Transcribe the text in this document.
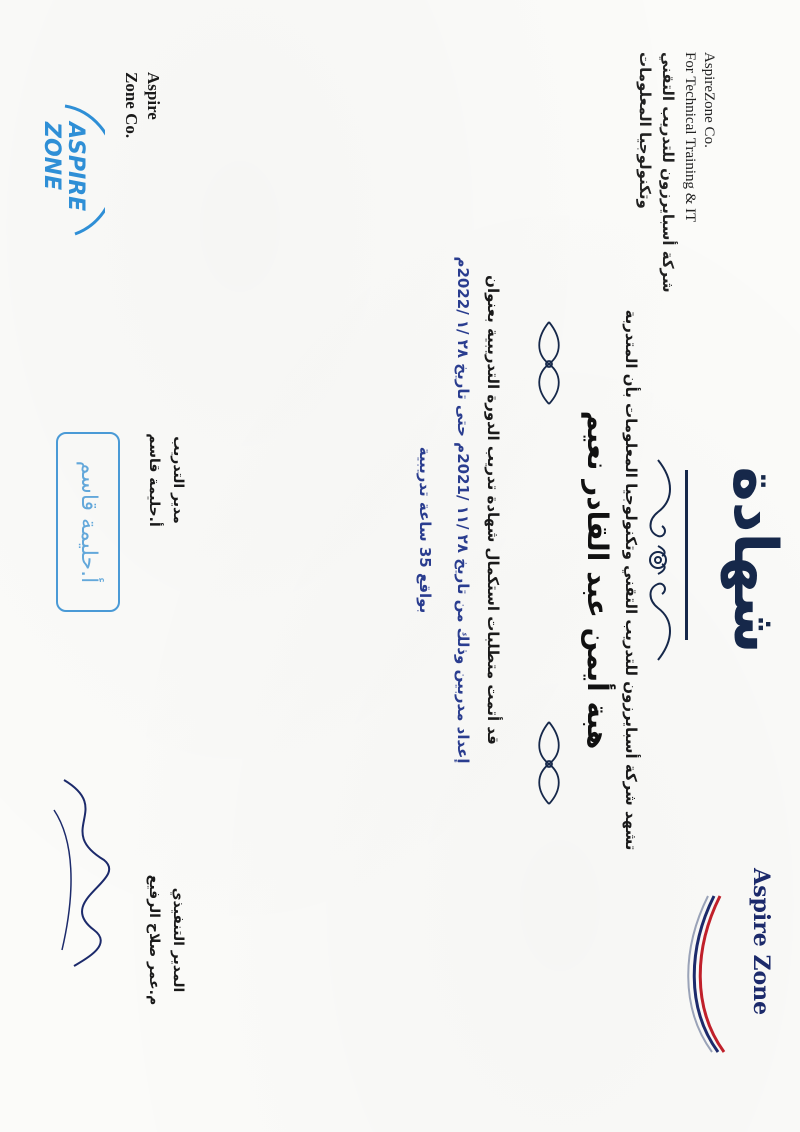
AspireZone Co.
For Technical Training & IT
شركة أسبايرزون للتدريب التقني
وتكنولوجيا المعلومات
Aspire Zone
شهادة
تشهد شركة أسبايرزون للتدريب التقني وتكنولوجيا المعلومات بأن المتدربة
هبة أيمن عبد القادر نعيم
قد أتمت متطلبات استكمال شهادة تدريب الدورة التدريبية بعنوان
إعداد مدربين وذلك من تاريخ ٢٨ /١١ /2021م حتى تاريخ ٢٨ /١ /2022م
بواقع 35 ساعة تدريبية
المدير التنفيذي
م.عمر صلاح الرفيع
مدير التدريب
أ.حليمة قاسم
أ.حليمة قاسم
Aspire
Zone Co.
ASPIRE
ZONE
